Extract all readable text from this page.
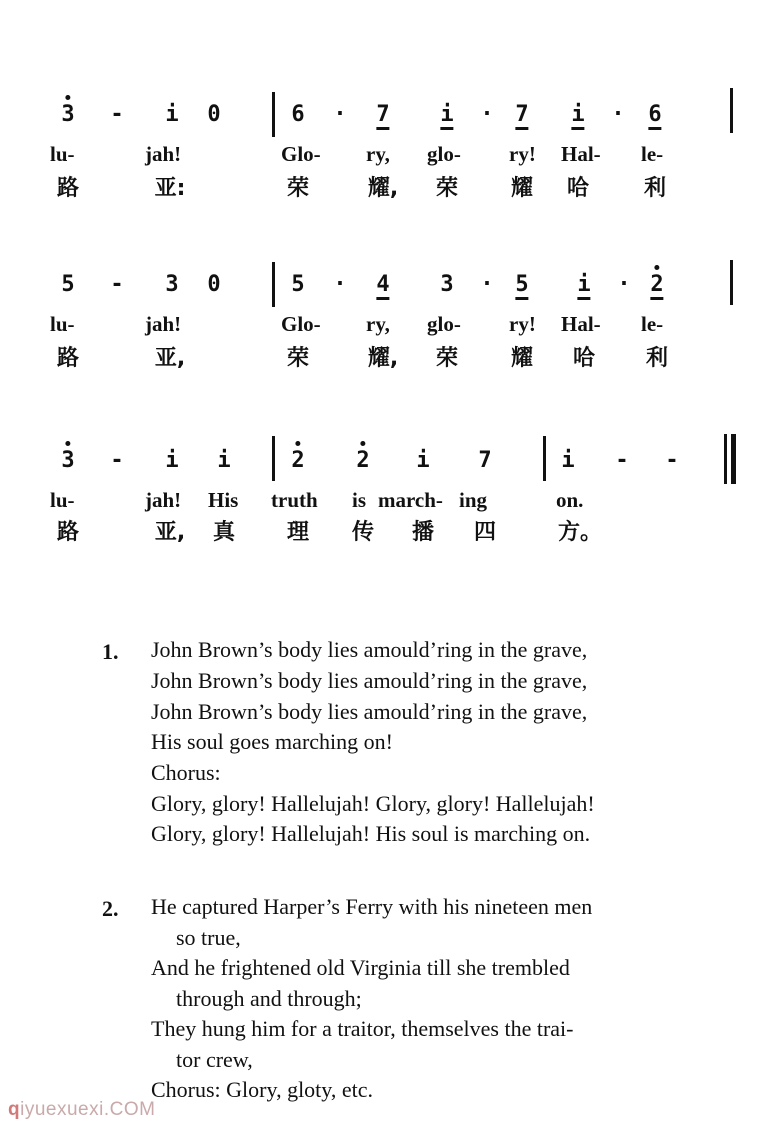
3 - i 0	6 · 7 i · 7 i · 6
lu-	jah!	Glo- ry, glo- ry! Hal- le-
路	亚:	荣	耀, 荣 耀 哈 利
5 - 3 0	5 · 4 3 · 5 i · 2
lu-	jah!	Glo- ry, glo- ry! Hal- le-
路	亚,	荣	耀, 荣 耀 哈 利
3 - i i	2 2 i 7	i - -
lu-	jah! His truth is march- ing	on.
路	亚, 真 理 传 播 四	方。
1. John Brown’s body lies amould’ring in the grave,
John Brown’s body lies amould’ring in the grave,
John Brown’s body lies amould’ring in the grave,
His soul goes marching on!
Chorus:
Glory, glory! Hallelujah! Glory, glory! Hallelujah!
Glory, glory! Hallelujah! His soul is marching on.
2. He captured Harper’s Ferry with his nineteen men
so true,
And he frightened old Virginia till she trembled
through and through;
They hung him for a traitor, themselves the trai-
tor crew,
Chorus: Glory, gloty, etc.
qiyuexuexi.COM
